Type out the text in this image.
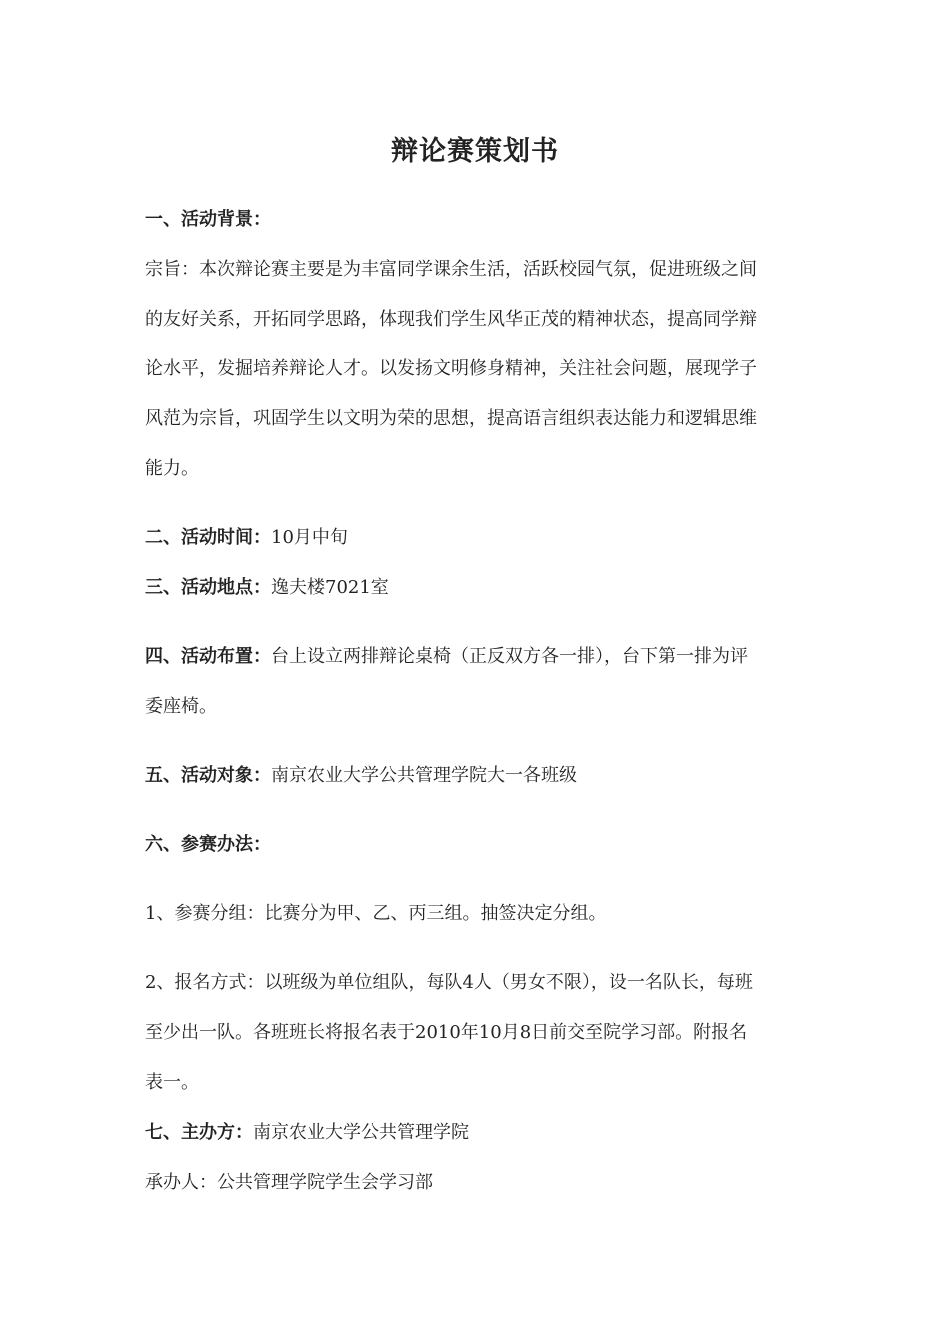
辩论赛策划书
一、活动背景：
宗旨：本次辩论赛主要是为丰富同学课余生活，活跃校园气氛，促进班级之间
的友好关系，开拓同学思路，体现我们学生风华正茂的精神状态，提高同学辩
论水平，发掘培养辩论人才。以发扬文明修身精神，关注社会问题，展现学子
风范为宗旨，巩固学生以文明为荣的思想，提高语言组织表达能力和逻辑思维
能力。
二、活动时间：10月中旬
三、活动地点：逸夫楼7021室
四、活动布置：台上设立两排辩论桌椅（正反双方各一排），台下第一排为评
委座椅。
五、活动对象：南京农业大学公共管理学院大一各班级
六、参赛办法：
1、参赛分组：比赛分为甲、乙、丙三组。抽签决定分组。
2、报名方式：以班级为单位组队，每队4人（男女不限），设一名队长，每班
至少出一队。各班班长将报名表于2010年10月8日前交至院学习部。附报名
表一。
七、主办方：南京农业大学公共管理学院
承办人：公共管理学院学生会学习部
